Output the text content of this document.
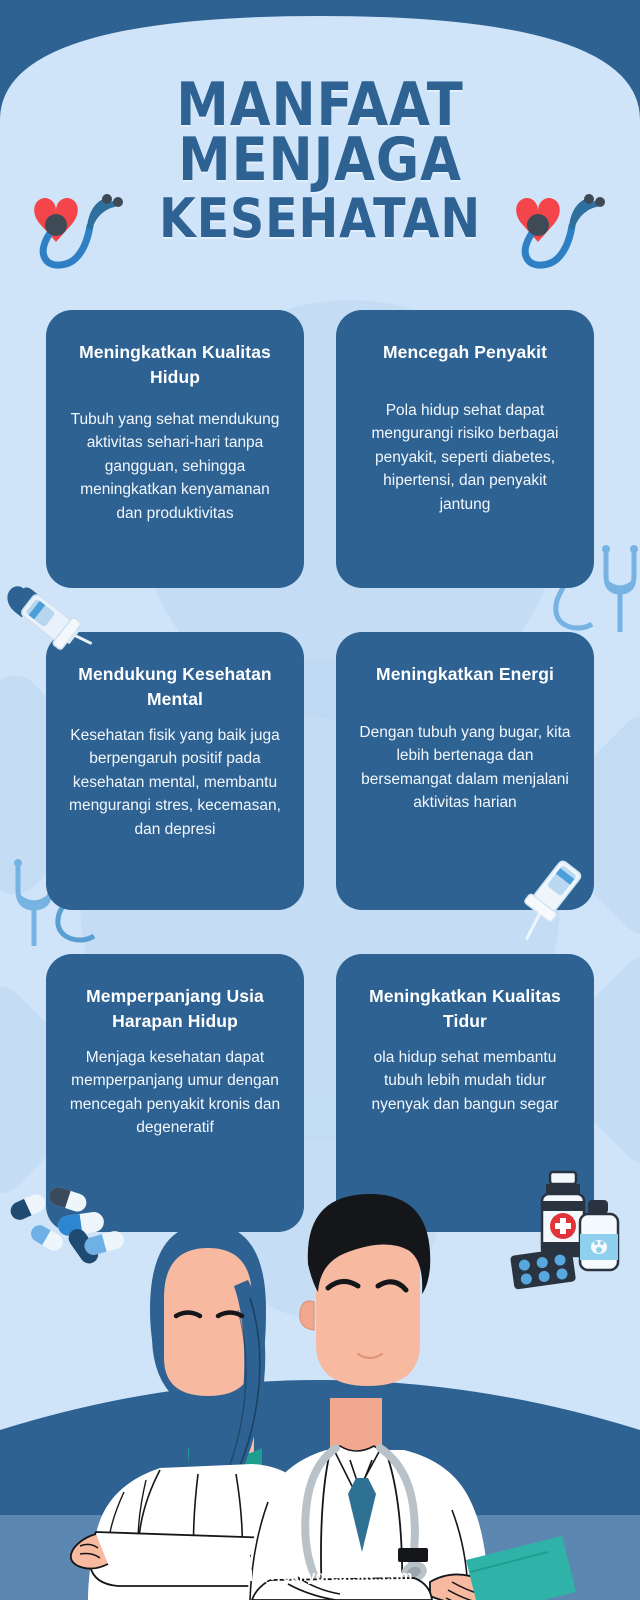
MANFAAT MENJAGA
KESEHATAN
Meningkatkan Kualitas Hidup
Tubuh yang sehat mendukung aktivitas sehari-hari tanpa gangguan, sehingga meningkatkan kenyamanan dan produktivitas
Mencegah Penyakit
Pola hidup sehat dapat mengurangi risiko berbagai penyakit, seperti diabetes, hipertensi, dan penyakit jantung
Mendukung Kesehatan Mental
Kesehatan fisik yang baik juga berpengaruh positif pada kesehatan mental, membantu mengurangi stres, kecemasan, dan depresi
Meningkatkan Energi
Dengan tubuh yang bugar, kita lebih bertenaga dan bersemangat dalam menjalani aktivitas harian
Memperpanjang Usia Harapan Hidup
Menjaga kesehatan dapat memperpanjang umur dengan mencegah penyakit kronis dan degeneratif
Meningkatkan Kualitas Tidur
ola hidup sehat membantu tubuh lebih mudah tidur nyenyak dan bangun segar
hello@reallygreatsite.com
